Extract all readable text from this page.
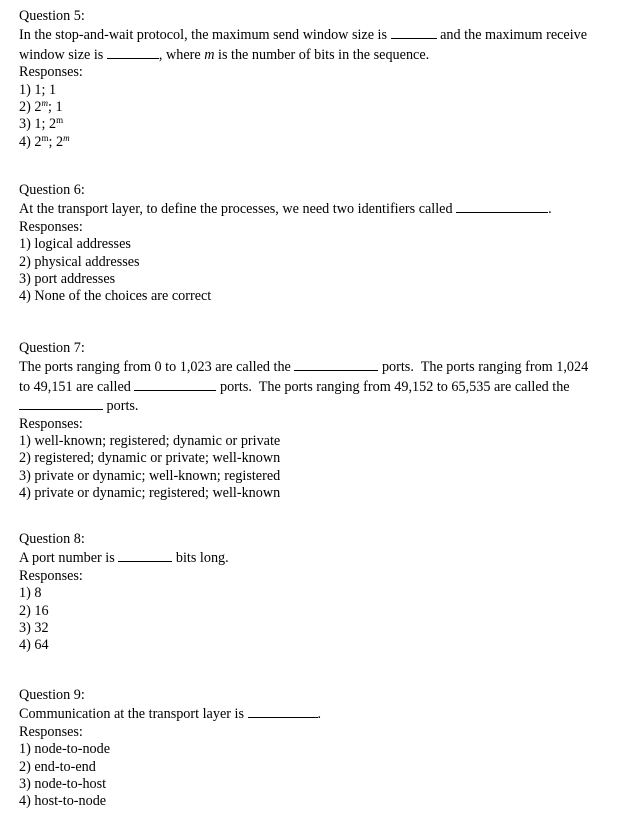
Question 5:
In the stop-and-wait protocol, the maximum send window size is	and the maximum receive
window size is	, where m is the number of bits in the sequence.
Responses:
1) 1; 1
2) 2$^m$; 1
3) 1; 2$^m$
4) 2$^m$; 2$^m$
Question 6:
At the transport layer, to define the processes, we need two identifiers called	.
Responses:
1) logical addresses
2) physical addresses
3) port addresses
4) None of the choices are correct
Question 7:
The ports ranging from 0 to 1,023 are called the	ports. The ports ranging from 1,024
to 49,151 are called	ports. The ports ranging from 49,152 to 65,535 are called the
ports.
Responses:
1) well-known; registered; dynamic or private
2) registered; dynamic or private; well-known
3) private or dynamic; well-known; registered
4) private or dynamic; registered; well-known
Question 8:
A port number is	bits long.
Responses:
1) 8
2) 16
3) 32
4) 64
Question 9:
Communication at the transport layer is	.
Responses:
1) node-to-node
2) end-to-end
3) node-to-host
4) host-to-node
